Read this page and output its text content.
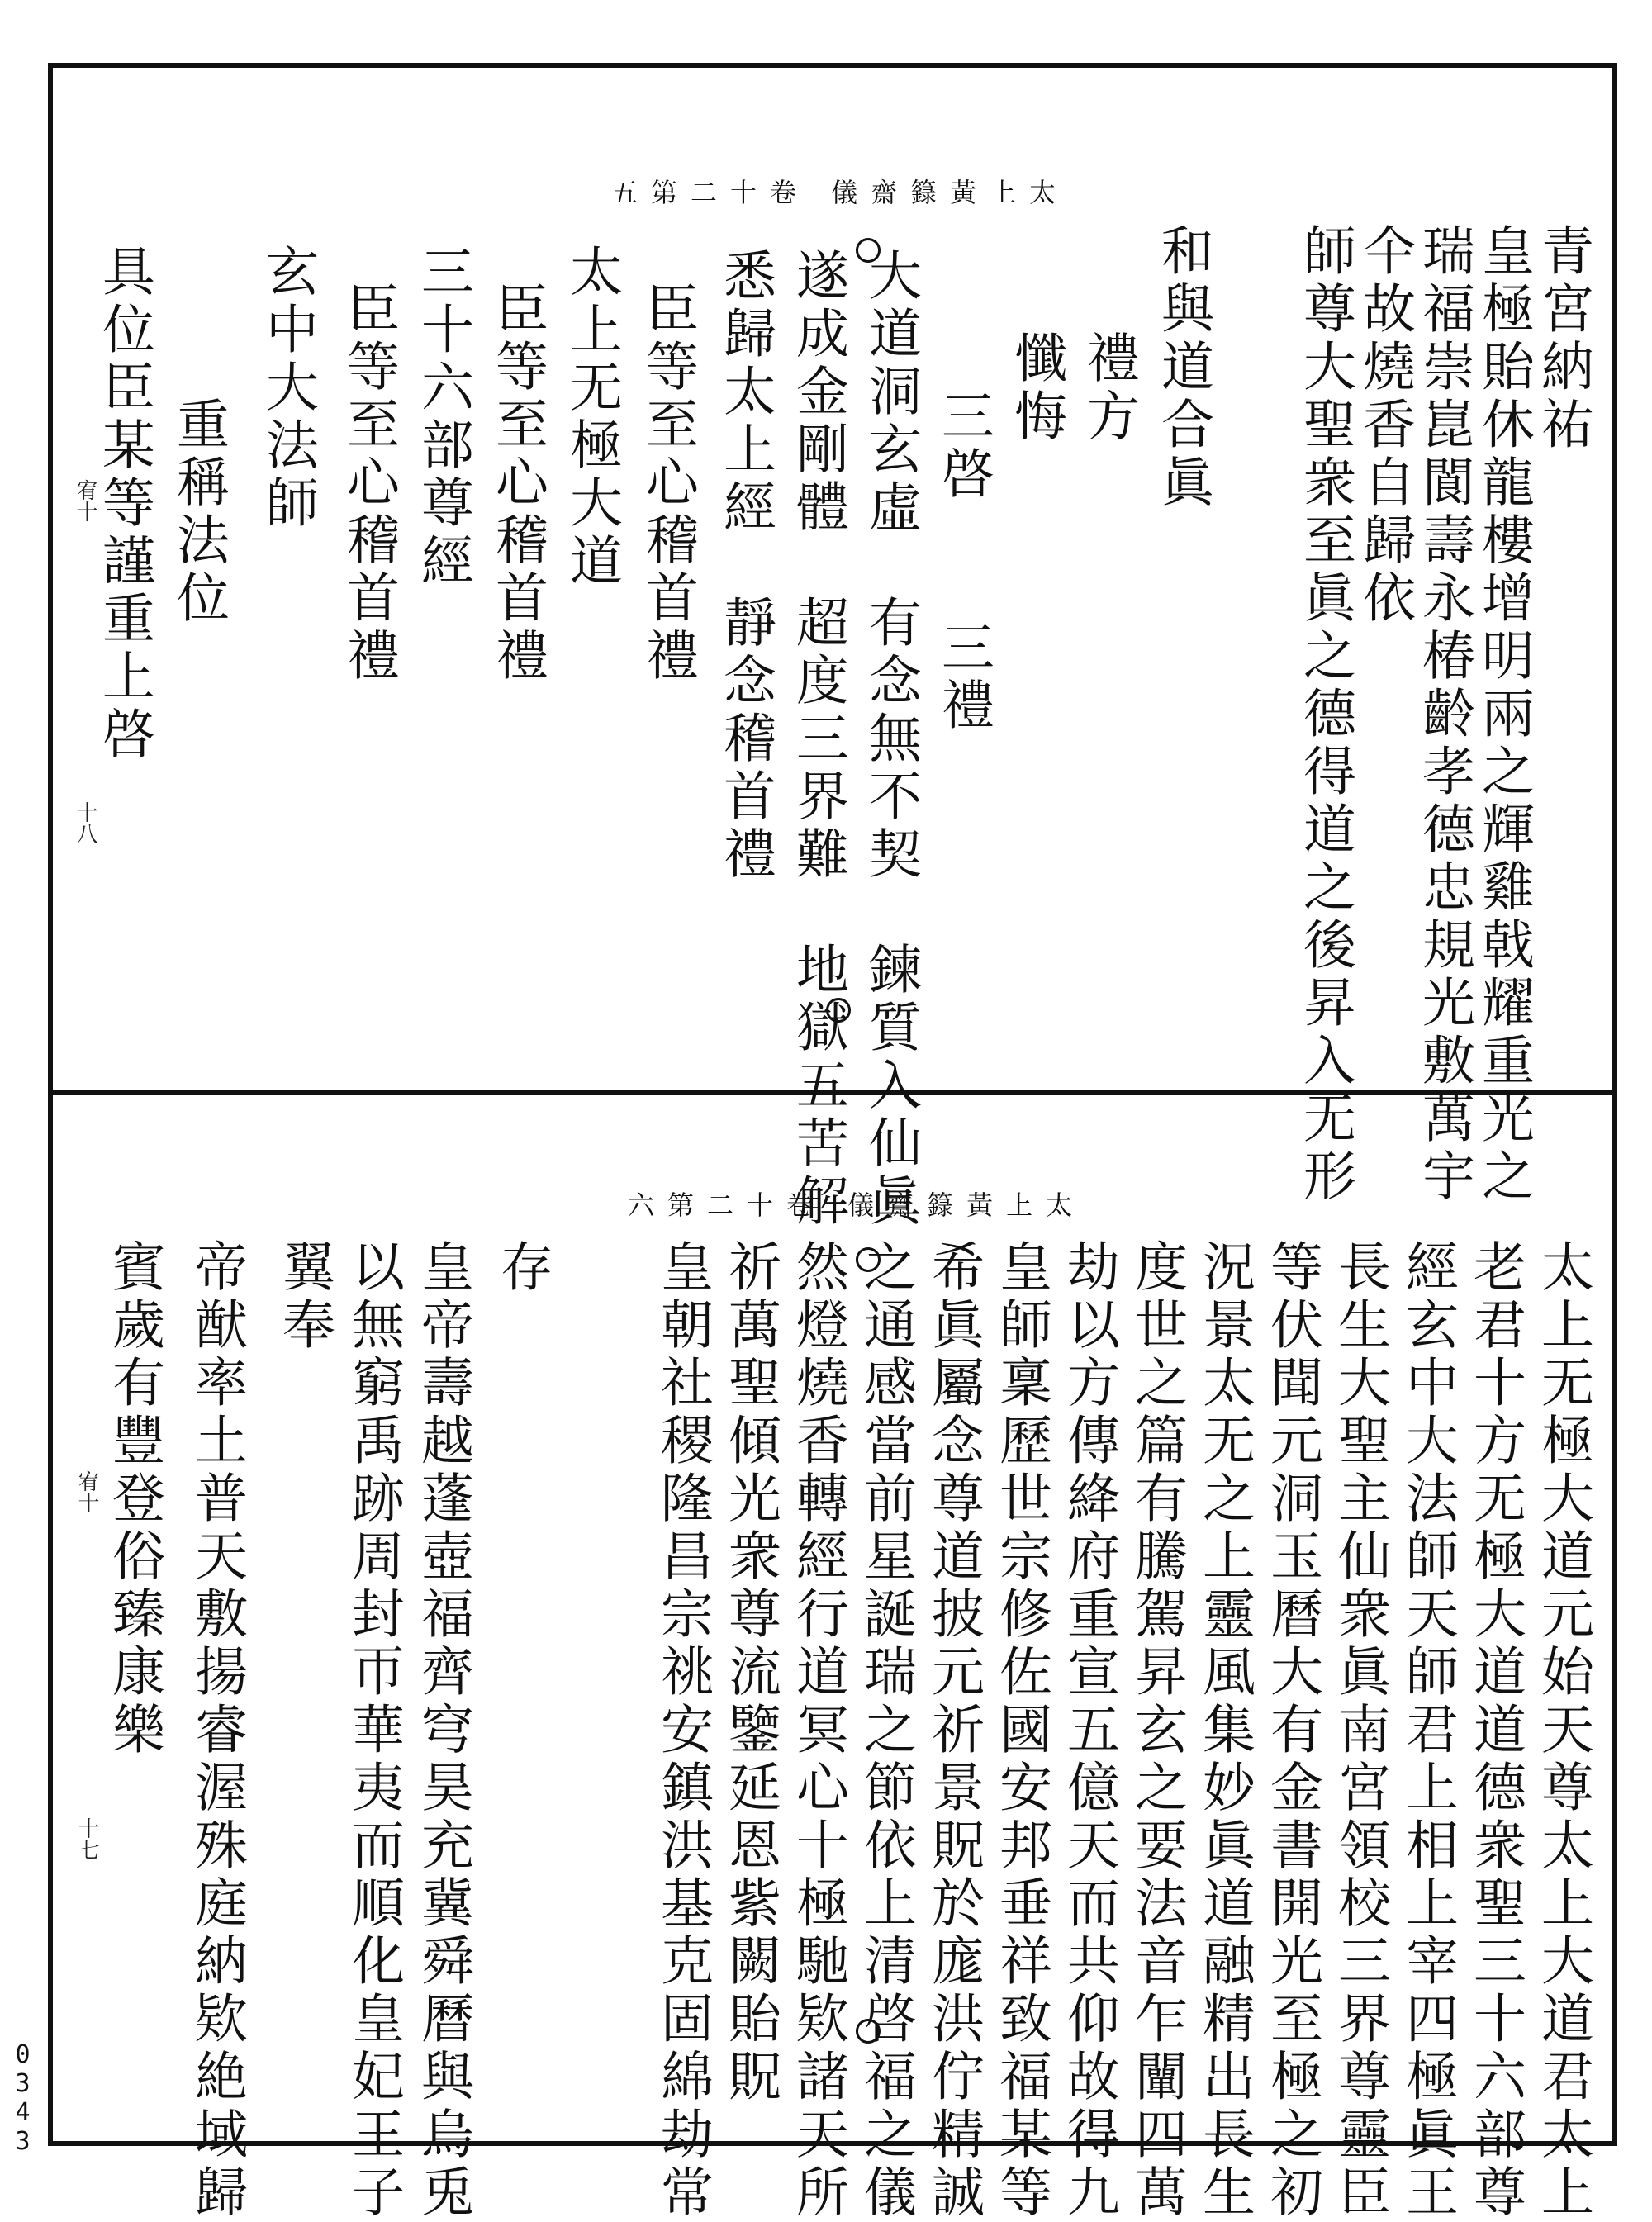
太上黃籙齋儀 卷十二第五
青宮納祐
皇極貽休龍樓增明兩之輝雞戟耀重光之
瑞福崇崑閬壽永椿齡孝德忠規光敷萬宇
仐故燒香自歸依
師尊大聖衆至眞之德得道之後昇入无形
和與道合眞
禮方
懺悔
三啓　　三禮
大道洞玄虛　有念無不契　鍊質入仙眞
遂成金剛體　超度三界難　地獄五苦解
悉歸太上經　靜念稽首禮
臣等至心稽首禮
太上无極大道
臣等至心稽首禮
三十六部尊經
臣等至心稽首禮
玄中大法師
重稱法位
具位臣某等謹重上啓
十八
宥十
太上黃籙齋儀 卷十二第六
太上无極大道元始天尊太上大道君太上
老君十方无極大道道德衆聖三十六部尊
經玄中大法師天師君上相上宰四極眞王
長生大聖主仙衆眞南宮領校三界尊靈臣
等伏聞元洞玉曆大有金書開光至極之初
況景太无之上靈風集妙眞道融精出長生
度世之篇有騰駕昇玄之要法音乍闡四萬
劫以方傳絳府重宣五億天而共仰故得九
皇師稟歷世宗修佐國安邦垂祥致福某等
希眞屬念尊道披元祈景貺於庬洪佇精誠
之通感當前星誕瑞之節依上清啓福之儀
然燈燒香轉經行道冥心十極馳欵諸天所
祈萬聖傾光衆尊流鑒延恩紫闕貽貺
皇朝社稷隆昌宗祧安鎮洪基克固綿劫常
存
皇帝壽越蓬壺福齊穹昊充冀舜曆與烏兎
以無窮禹跡周封帀華夷而順化皇妃王子
翼奉
帝猷率土普天敷揚睿渥殊庭納欵絶域歸
賓歲有豐登俗臻康樂
十七
宥十
0343
